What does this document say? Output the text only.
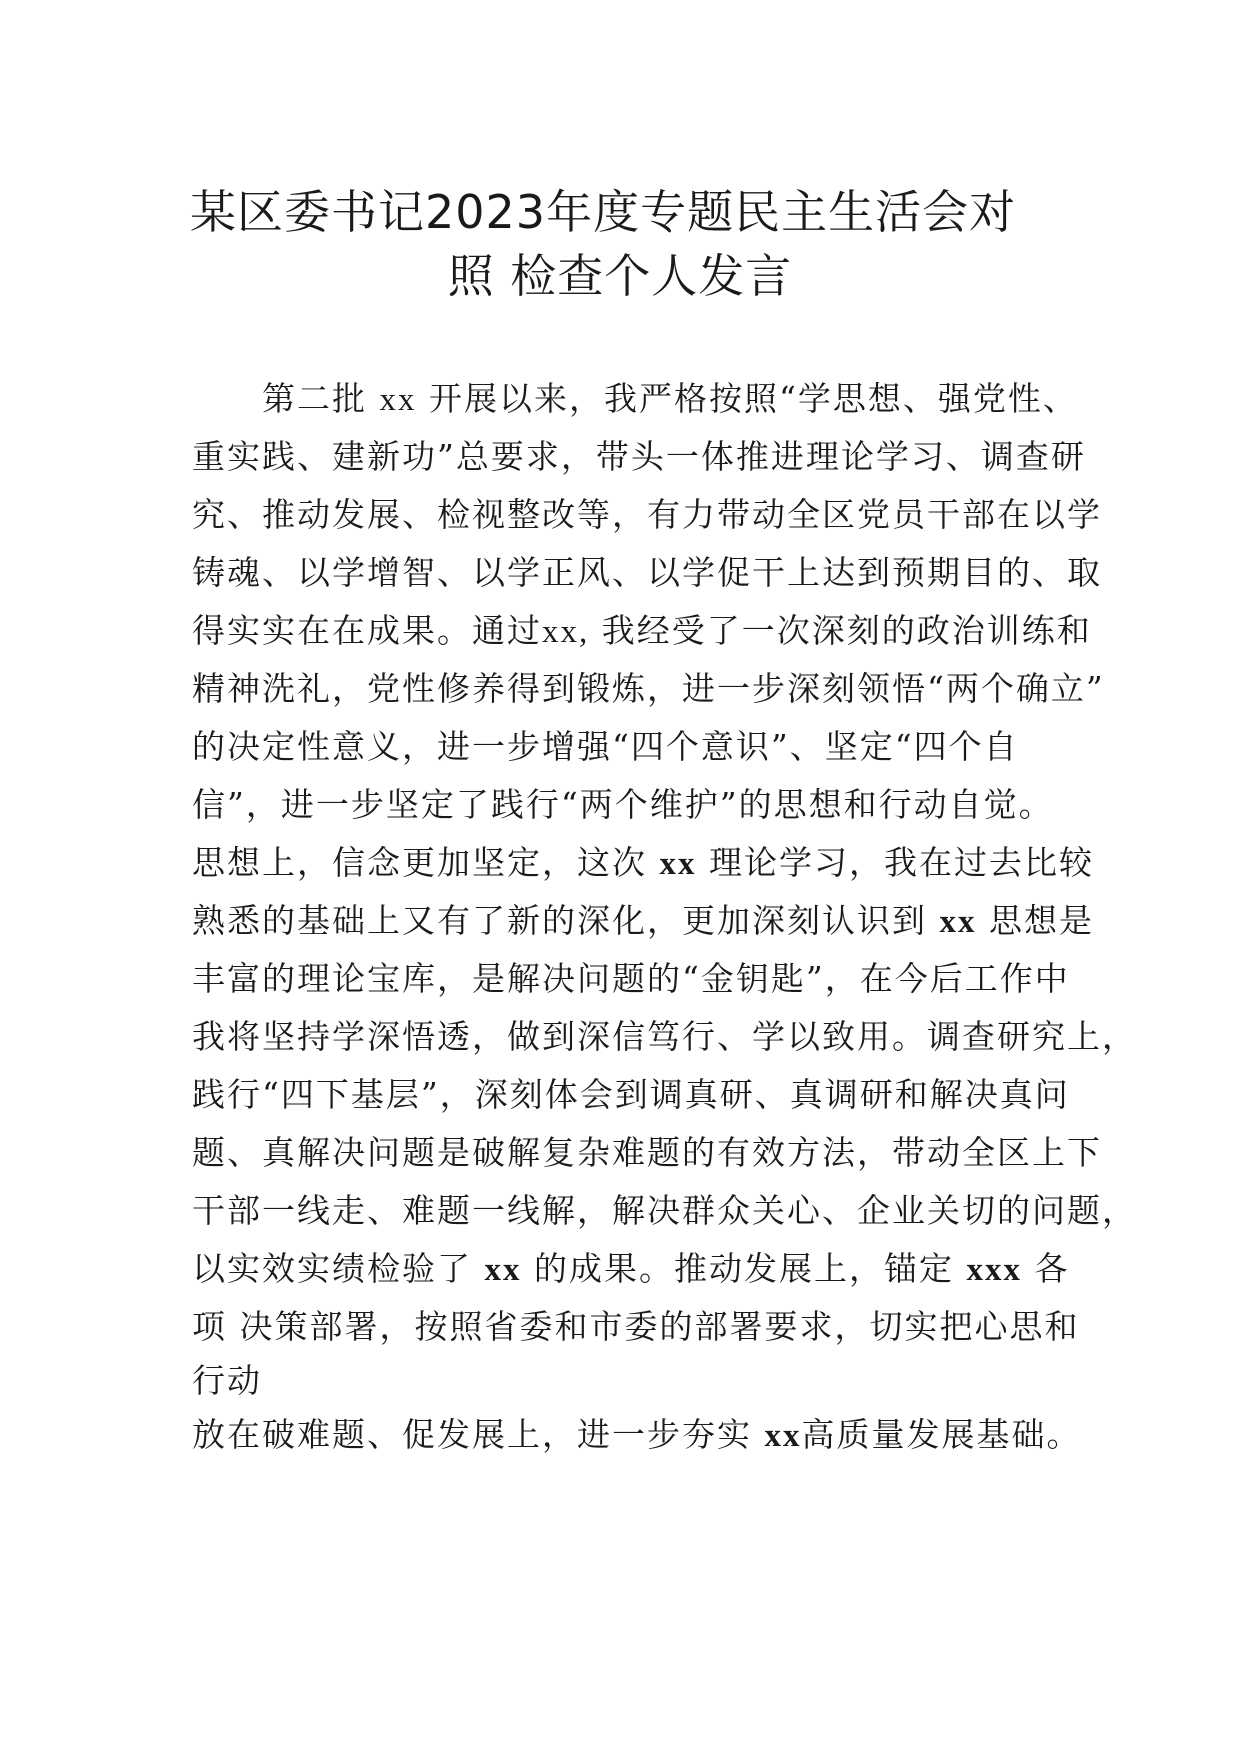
某区委书记2023年度专题民主生活会对
照 检查个人发言
第二批 xx 开展以来，我严格按照“学思想、强党性、
重实践、建新功”总要求，带头一体推进理论学习、调查研
究、推动发展、检视整改等，有力带动全区党员干部在以学
铸魂、以学增智、以学正风、以学促干上达到预期目的、取
得实实在在成果。通过xx, 我经受了一次深刻的政治训练和
精神洗礼，党性修养得到锻炼，进一步深刻领悟“两个确立”
的决定性意义，进一步增强“四个意识”、坚定“四个自
信”，进一步坚定了践行“两个维护”的思想和行动自觉。
思想上，信念更加坚定，这次 xx 理论学习，我在过去比较
熟悉的基础上又有了新的深化，更加深刻认识到 xx 思想是
丰富的理论宝库，是解决问题的“金钥匙”，在今后工作中
我将坚持学深悟透，做到深信笃行、学以致用。调查研究上，
践行“四下基层”，深刻体会到调真研、真调研和解决真问
题、真解决问题是破解复杂难题的有效方法，带动全区上下
干部一线走、难题一线解，解决群众关心、企业关切的问题，
以实效实绩检验了 xx 的成果。推动发展上，锚定 xxx 各
项 决策部署，按照省委和市委的部署要求，切实把心思和
行动
放在破难题、促发展上，进一步夯实 xx高质量发展基础。
